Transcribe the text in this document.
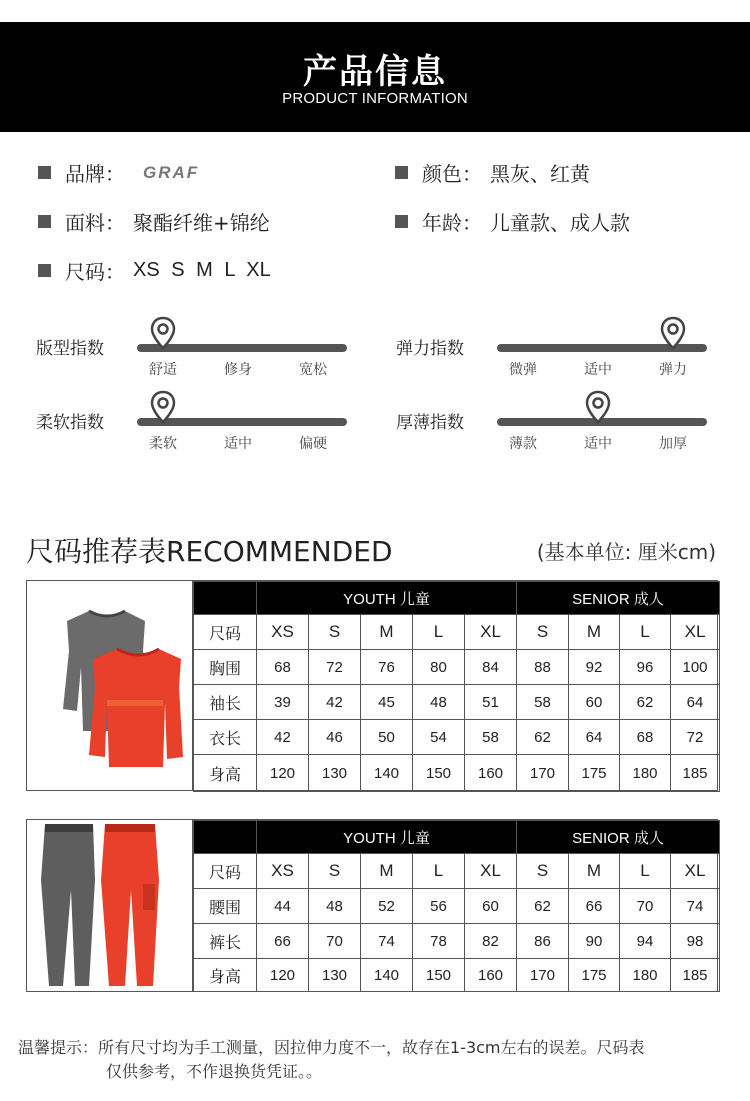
产品信息
PRODUCT INFORMATION
品牌： GRAF	颜色： 黑灰、红黄
面料： 聚酯纤维+锦纶	年龄： 儿童款、成人款
尺码： XS S M L XL
版型指数
舒适	修身	宽松
弹力指数
微弹	适中	弹力
柔软指数
柔软	适中	偏硬
厚薄指数
薄款	适中	加厚
尺码推荐表RECOMMENDED	(基本单位: 厘米cm)
	YOUTH 儿童					SENIOR 成人			
尺码	XS	S	M	L	XL	S	M	L	XL
胸围	68	72	76	80	84	88	92	96	100
袖长	39	42	45	48	51	58	60	62	64
衣长	42	46	50	54	58	62	64	68	72
身高	120	130	140	150	160	170	175	180	185
	YOUTH 儿童					SENIOR 成人			
尺码	XS	S	M	L	XL	S	M	L	XL
腰围	44	48	52	56	60	62	66	70	74
裤长	66	70	74	78	82	86	90	94	98
身高	120	130	140	150	160	170	175	180	185
温馨提示：所有尺寸均为手工测量，因拉伸力度不一，故存在1-3cm左右的误差。尺码表
仅供参考，不作退换货凭证。。
